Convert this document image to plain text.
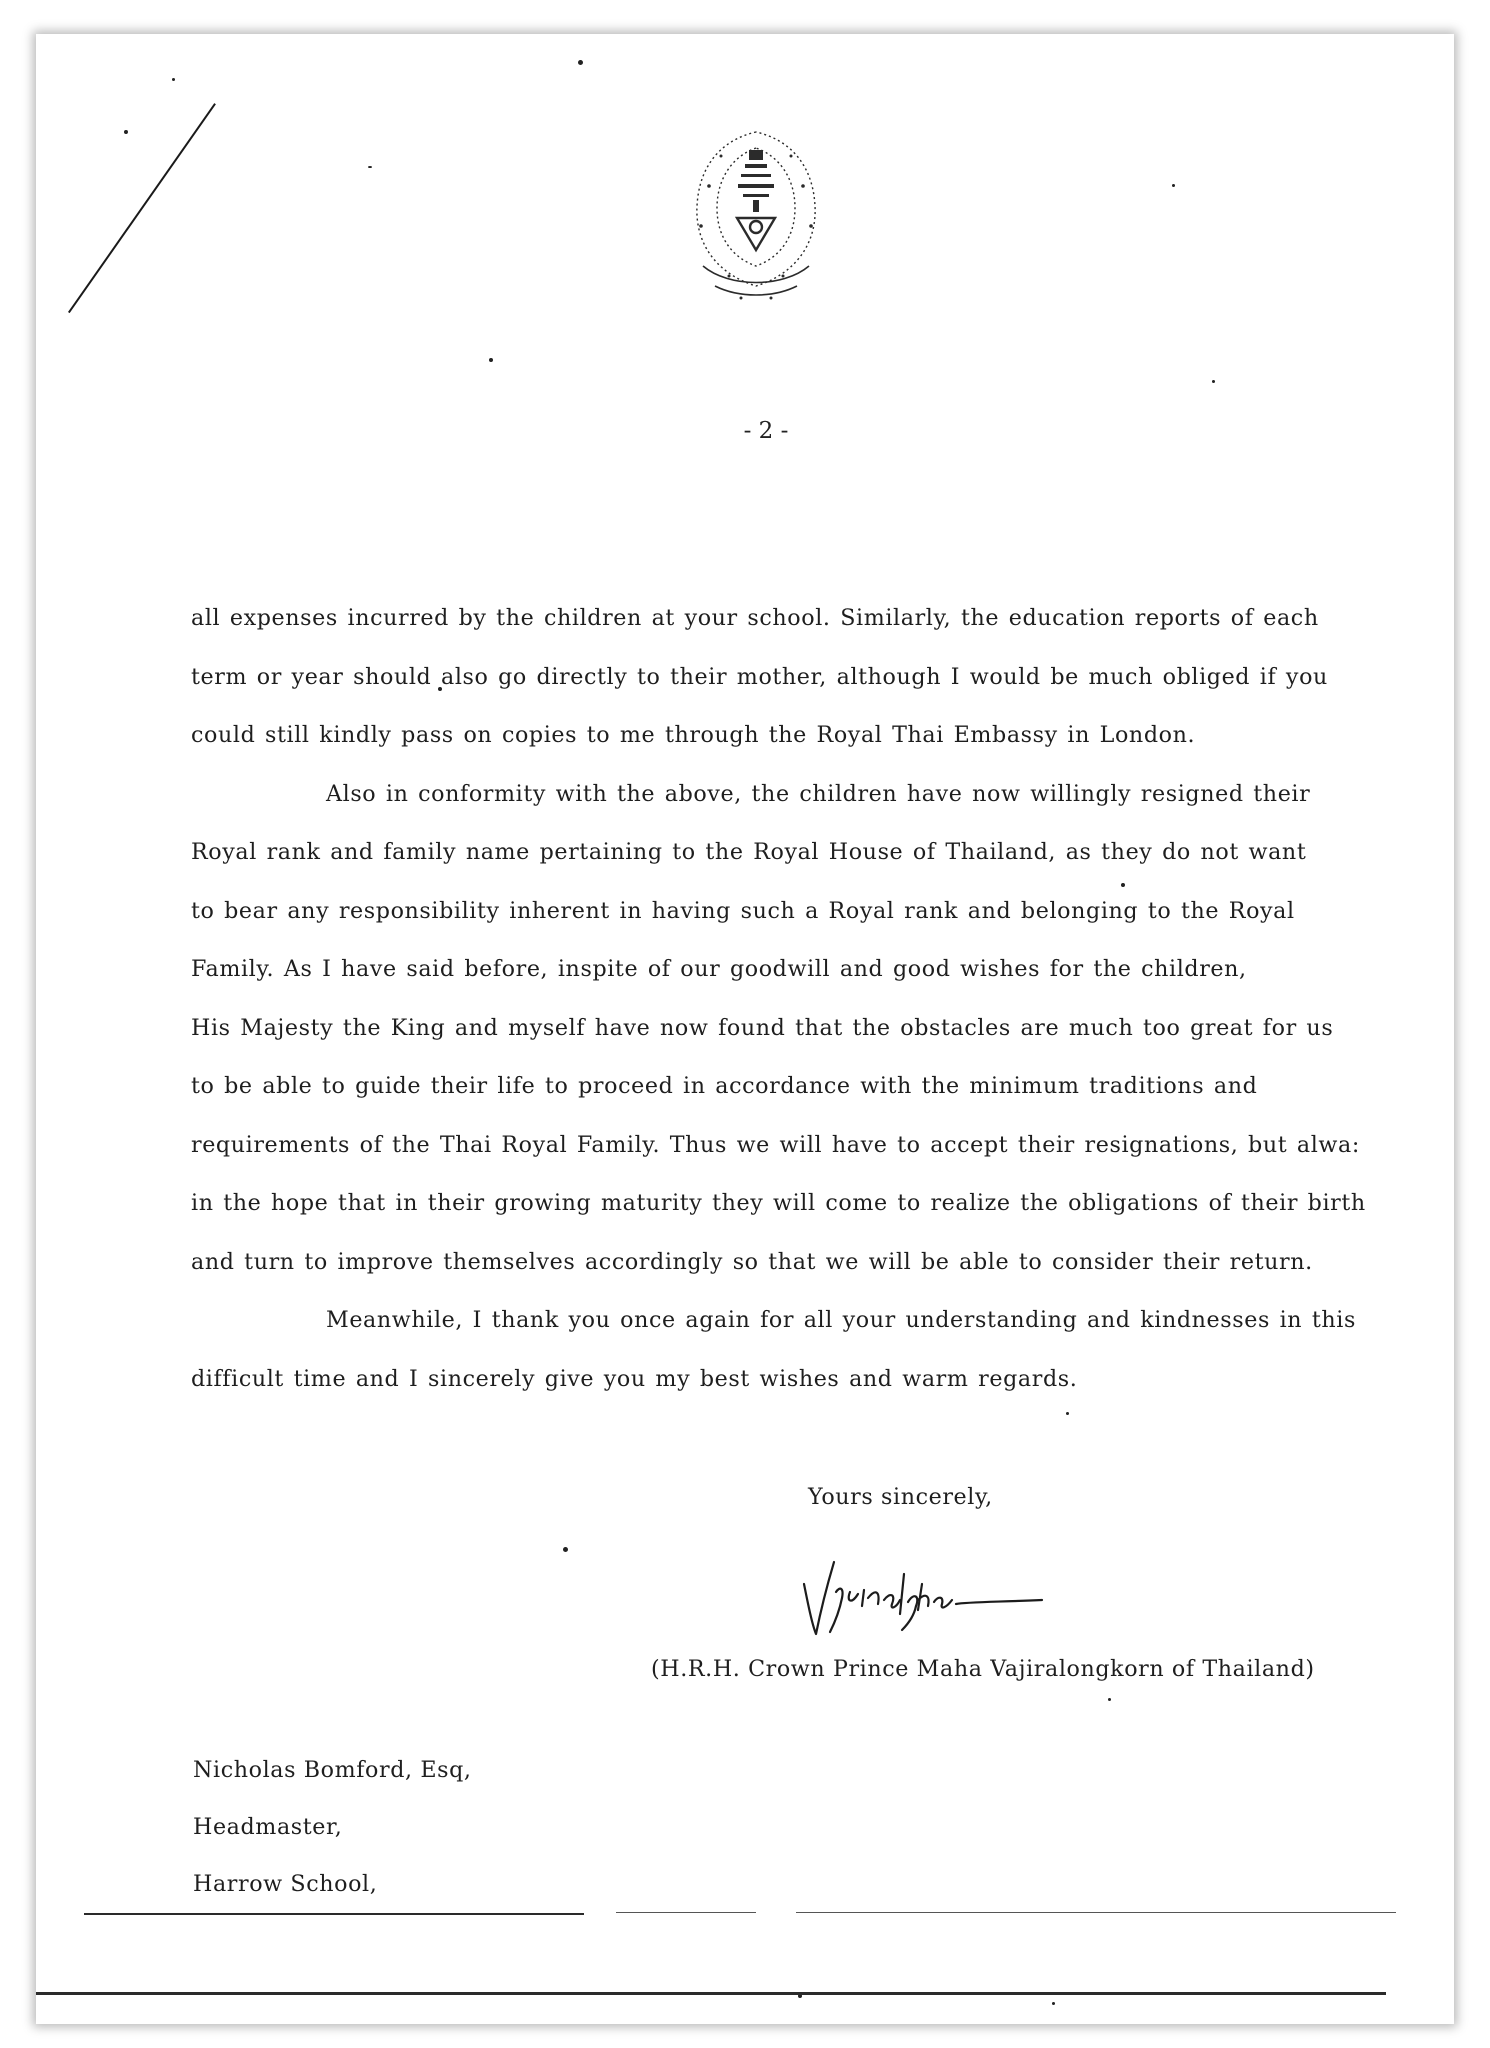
- 2 -
all expenses incurred by the children at your school. Similarly, the education reports of each
term or year should also go directly to their mother, although I would be much obliged if you
could still kindly pass on copies to me through the Royal Thai Embassy in London.
Also in conformity with the above, the children have now willingly resigned their
Royal rank and family name pertaining to the Royal House of Thailand, as they do not want
to bear any responsibility inherent in having such a Royal rank and belonging to the Royal
Family. As I have said before, inspite of our goodwill and good wishes for the children,
His Majesty the King and myself have now found that the obstacles are much too great for us
to be able to guide their life to proceed in accordance with the minimum traditions and
requirements of the Thai Royal Family. Thus we will have to accept their resignations, but alwa:
in the hope that in their growing maturity they will come to realize the obligations of their birth
and turn to improve themselves accordingly so that we will be able to consider their return.
Meanwhile, I thank you once again for all your understanding and kindnesses in this
difficult time and I sincerely give you my best wishes and warm regards.
Yours sincerely,
(H.R.H. Crown Prince Maha Vajiralongkorn of Thailand)
Nicholas Bomford, Esq,
Headmaster,
Harrow School,
